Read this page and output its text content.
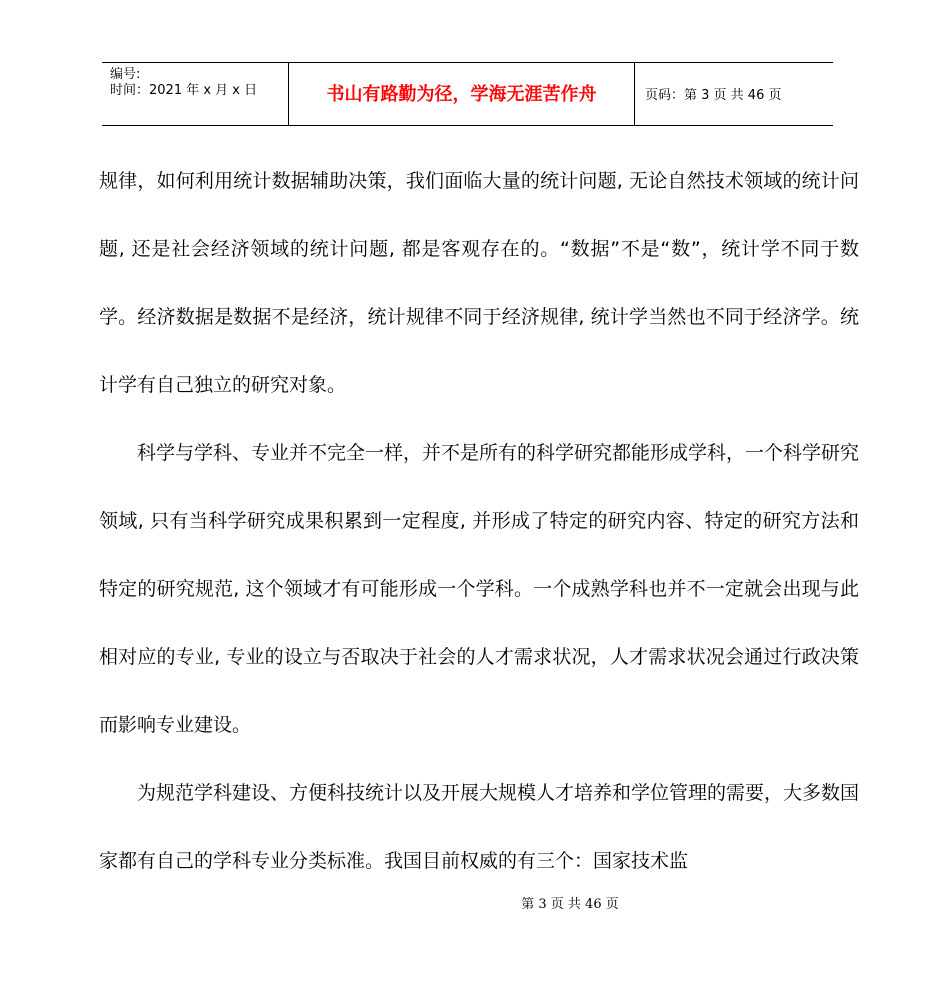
编号:
时间：2021 年 x 月 x 日	书山有路勤为径，学海无涯苦作舟	页码：第 3 页 共 46 页

规律，如何利用统计数据辅助决策，我们面临大量的统计问题, 无论自然技术领域的统计问题, 还是社会经济领域的统计问题, 都是客观存在的。“数据”不是“数”，统计学不同于数学。经济数据是数据不是经济，统计规律不同于经济规律, 统计学当然也不同于经济学。统计学有自己独立的研究对象。

科学与学科、专业并不完全一样，并不是所有的科学研究都能形成学科，一个科学研究领域, 只有当科学研究成果积累到一定程度, 并形成了特定的研究内容、特定的研究方法和特定的研究规范, 这个领域才有可能形成一个学科。一个成熟学科也并不一定就会出现与此相对应的专业, 专业的设立与否取决于社会的人才需求状况，人才需求状况会通过行政决策而影响专业建设。

为规范学科建设、方便科技统计以及开展大规模人才培养和学位管理的需要，大多数国家都有自己的学科专业分类标准。我国目前权威的有三个：国家技术监

第 3 页 共 46 页
